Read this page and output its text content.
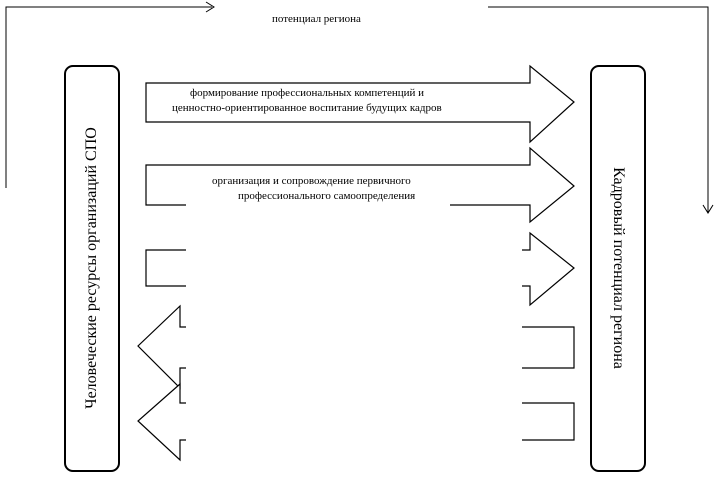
потенциал региона
формирование профессиональных компетенций и
ценностно-ориентированное воспитание будущих кадров
организация и сопровождение первичного
Человеческие ресурсы организаций СПО	Кадровый потенциал региона
